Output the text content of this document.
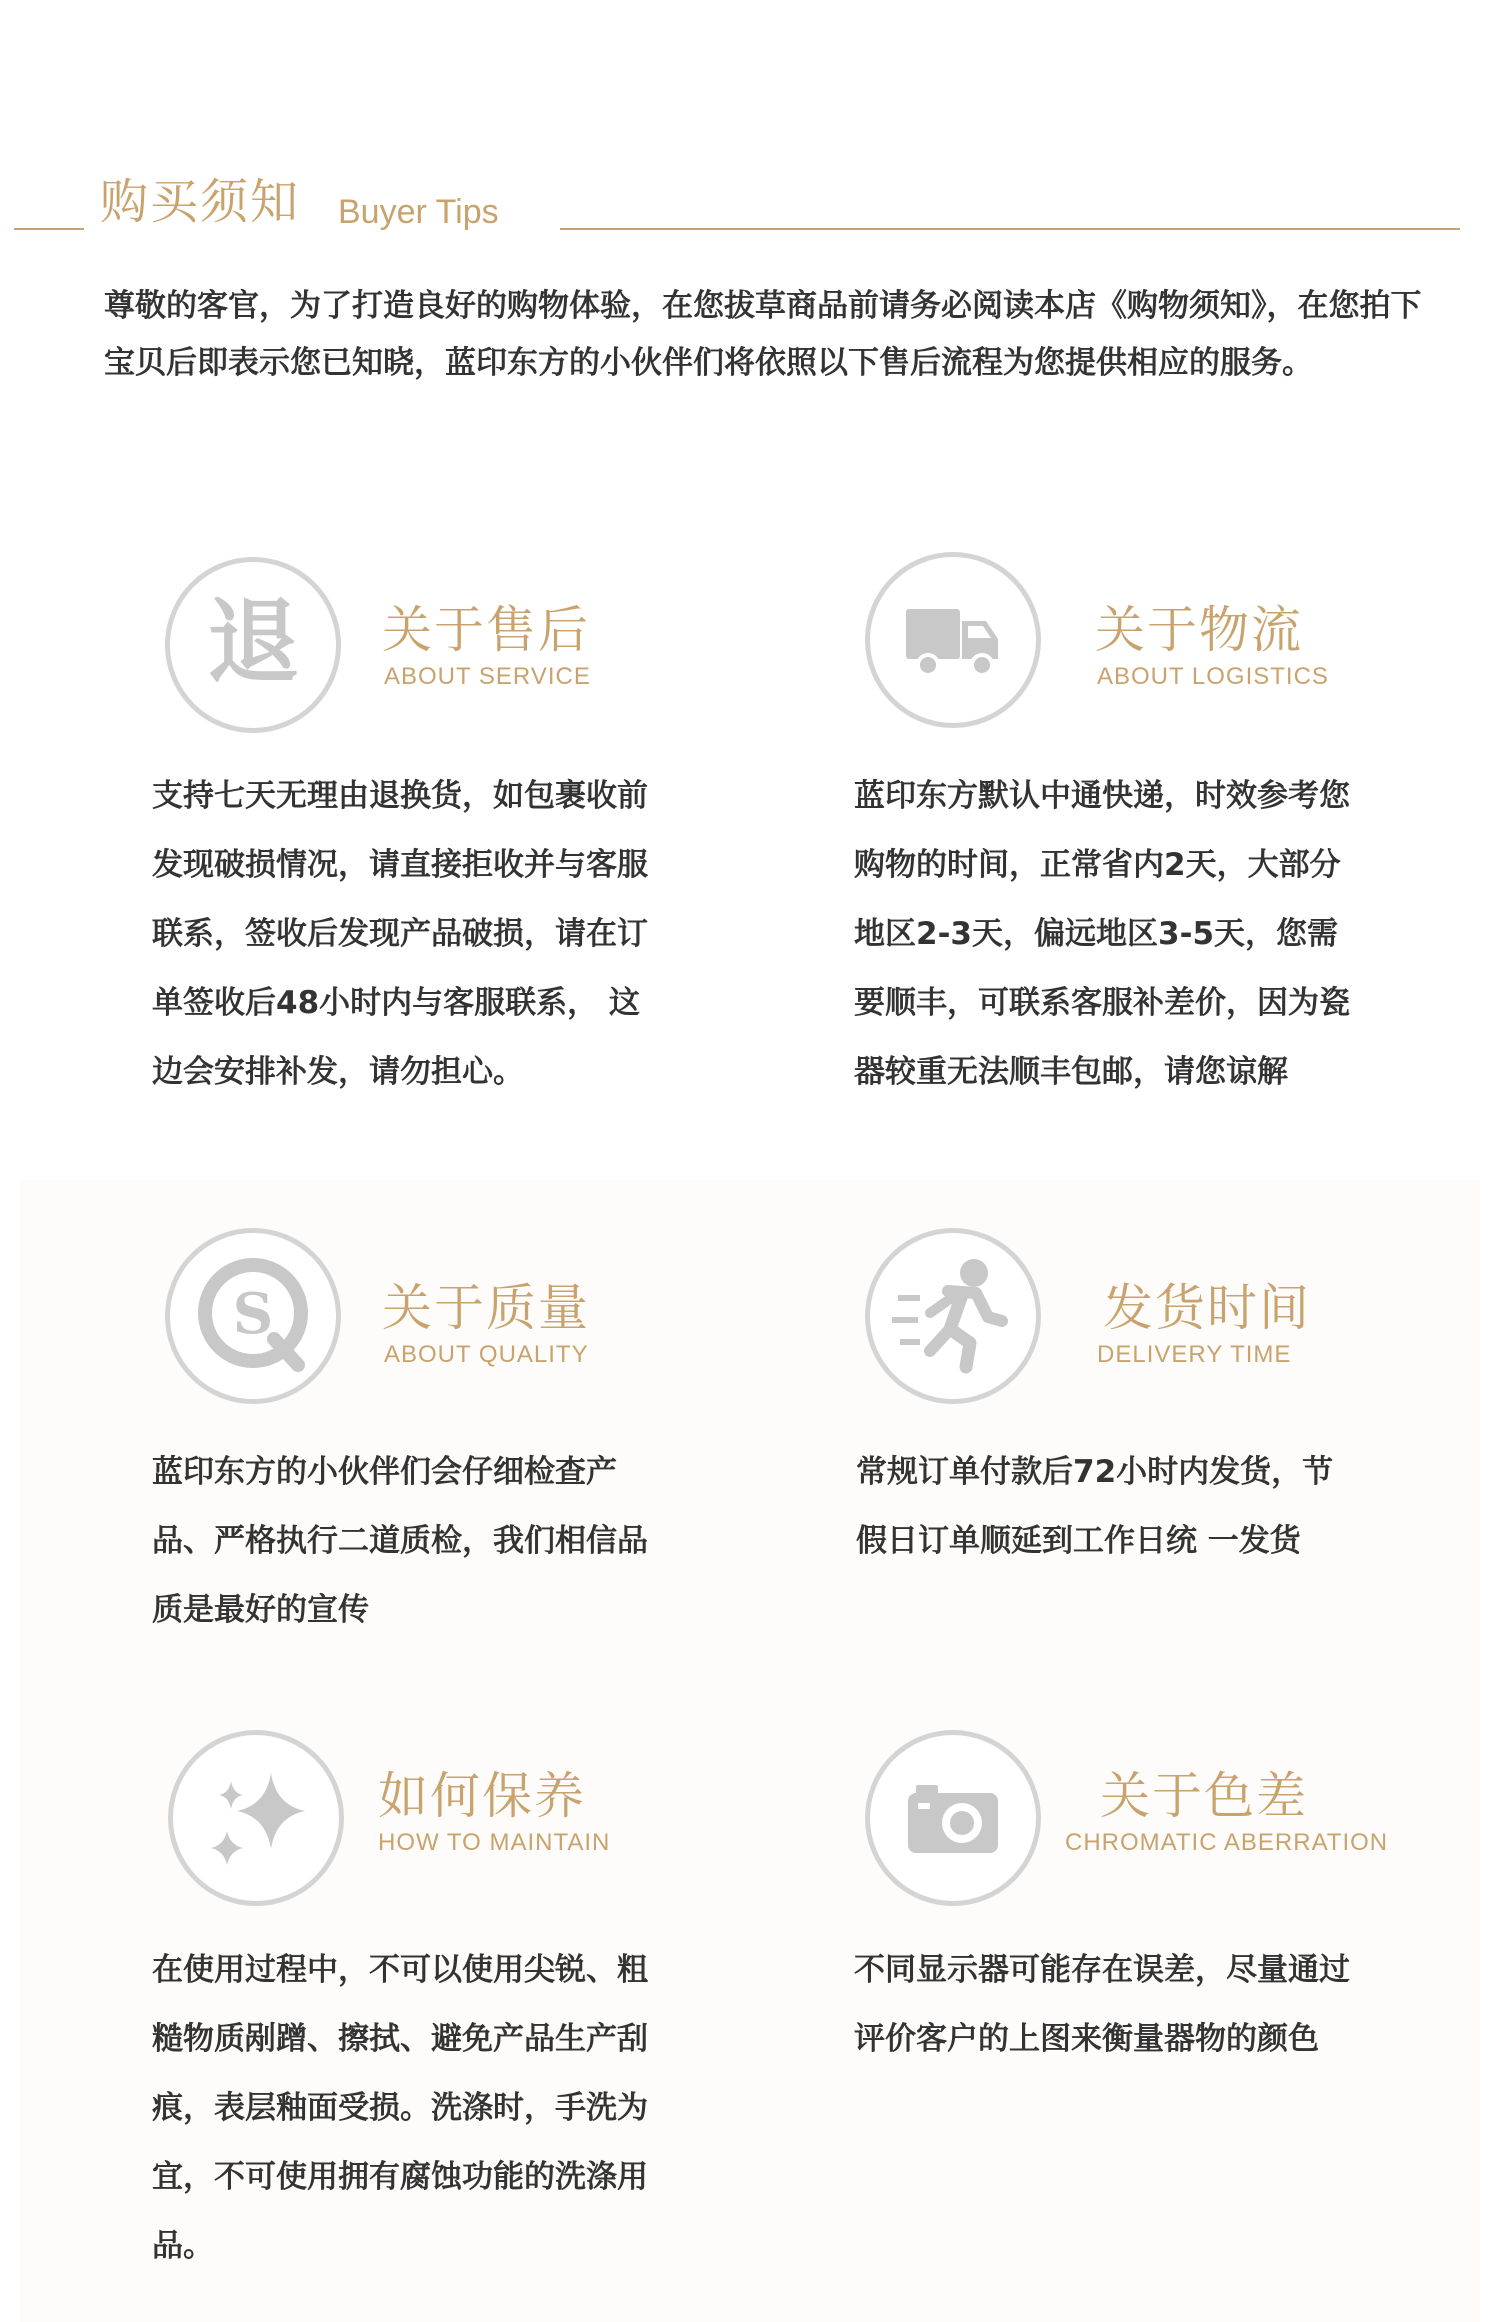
购买须知 Buyer Tips
尊敬的客官，为了打造良好的购物体验，在您拔草商品前请务必阅读本店《购物须知》，在您拍下宝贝后即表示您已知晓，蓝印东方的小伙伴们将依照以下售后流程为您提供相应的服务。
退 关于售后
ABOUT SERVICE
支持七天无理由退换货，如包裹收前发现破损情况，请直接拒收并与客服联系，签收后发现产品破损，请在订单签收后48小时内与客服联系， 这边会安排补发，请勿担心。
关于物流
ABOUT LOGISTICS
蓝印东方默认中通快递，时效参考您购物的时间，正常省内2天，大部分地区2-3天，偏远地区3-5天，您需要顺丰，可联系客服补差价，因为瓷器较重无法顺丰包邮，请您谅解
S 关于质量
ABOUT QUALITY
蓝印东方的小伙伴们会仔细检查产品、严格执行二道质检，我们相信品质是最好的宣传
发货时间
DELIVERY TIME
常规订单付款后72小时内发货，节假日订单顺延到工作日统 一发货
如何保养
HOW TO MAINTAIN
在使用过程中，不可以使用尖锐、粗糙物质剐蹭、擦拭、避免产品生产刮痕，表层釉面受损。洗涤时，手洗为宜，不可使用拥有腐蚀功能的洗涤用品。
关于色差
CHROMATIC ABERRATION
不同显示器可能存在误差，尽量通过评价客户的上图来衡量器物的颜色
